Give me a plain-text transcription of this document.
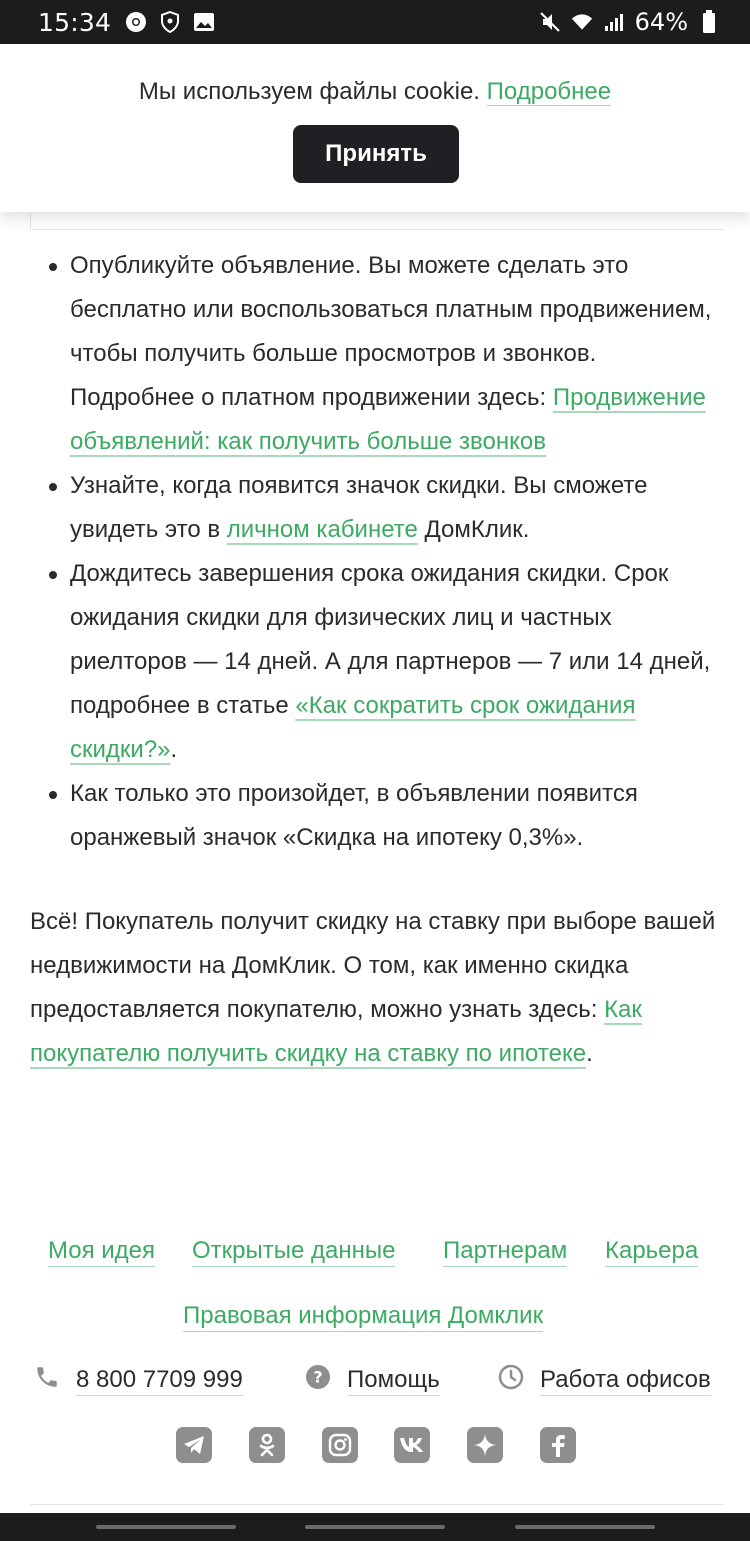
15:34	64%
Мы используем файлы cookie. Подробнее
Принять
Опубликуйте объявление. Вы можете сделать это бесплатно или воспользоваться платным продвижением, чтобы получить больше просмотров и звонков. Подробнее о платном продвижении здесь: Продвижение объявлений: как получить больше звонков
Узнайте, когда появится значок скидки. Вы сможете увидеть это в личном кабинете ДомКлик.
Дождитесь завершения срока ожидания скидки. Срок ожидания скидки для физических лиц и частных риелторов — 14 дней. А для партнеров — 7 или 14 дней, подробнее в статье «Как сократить срок ожидания скидки?».
Как только это произойдет, в объявлении появится оранжевый значок «Скидка на ипотеку 0,3%».

Всё! Покупатель получит скидку на ставку при выборе вашей недвижимости на ДомКлик. О том, как именно скидка предоставляется покупателю, можно узнать здесь: Как покупателю получить скидку на ставку по ипотеке.

Моя идея Открытые данные Партнерам Карьера
Правовая информация Домклик
8 800 7709 999	? Помощь	Работа офисов
